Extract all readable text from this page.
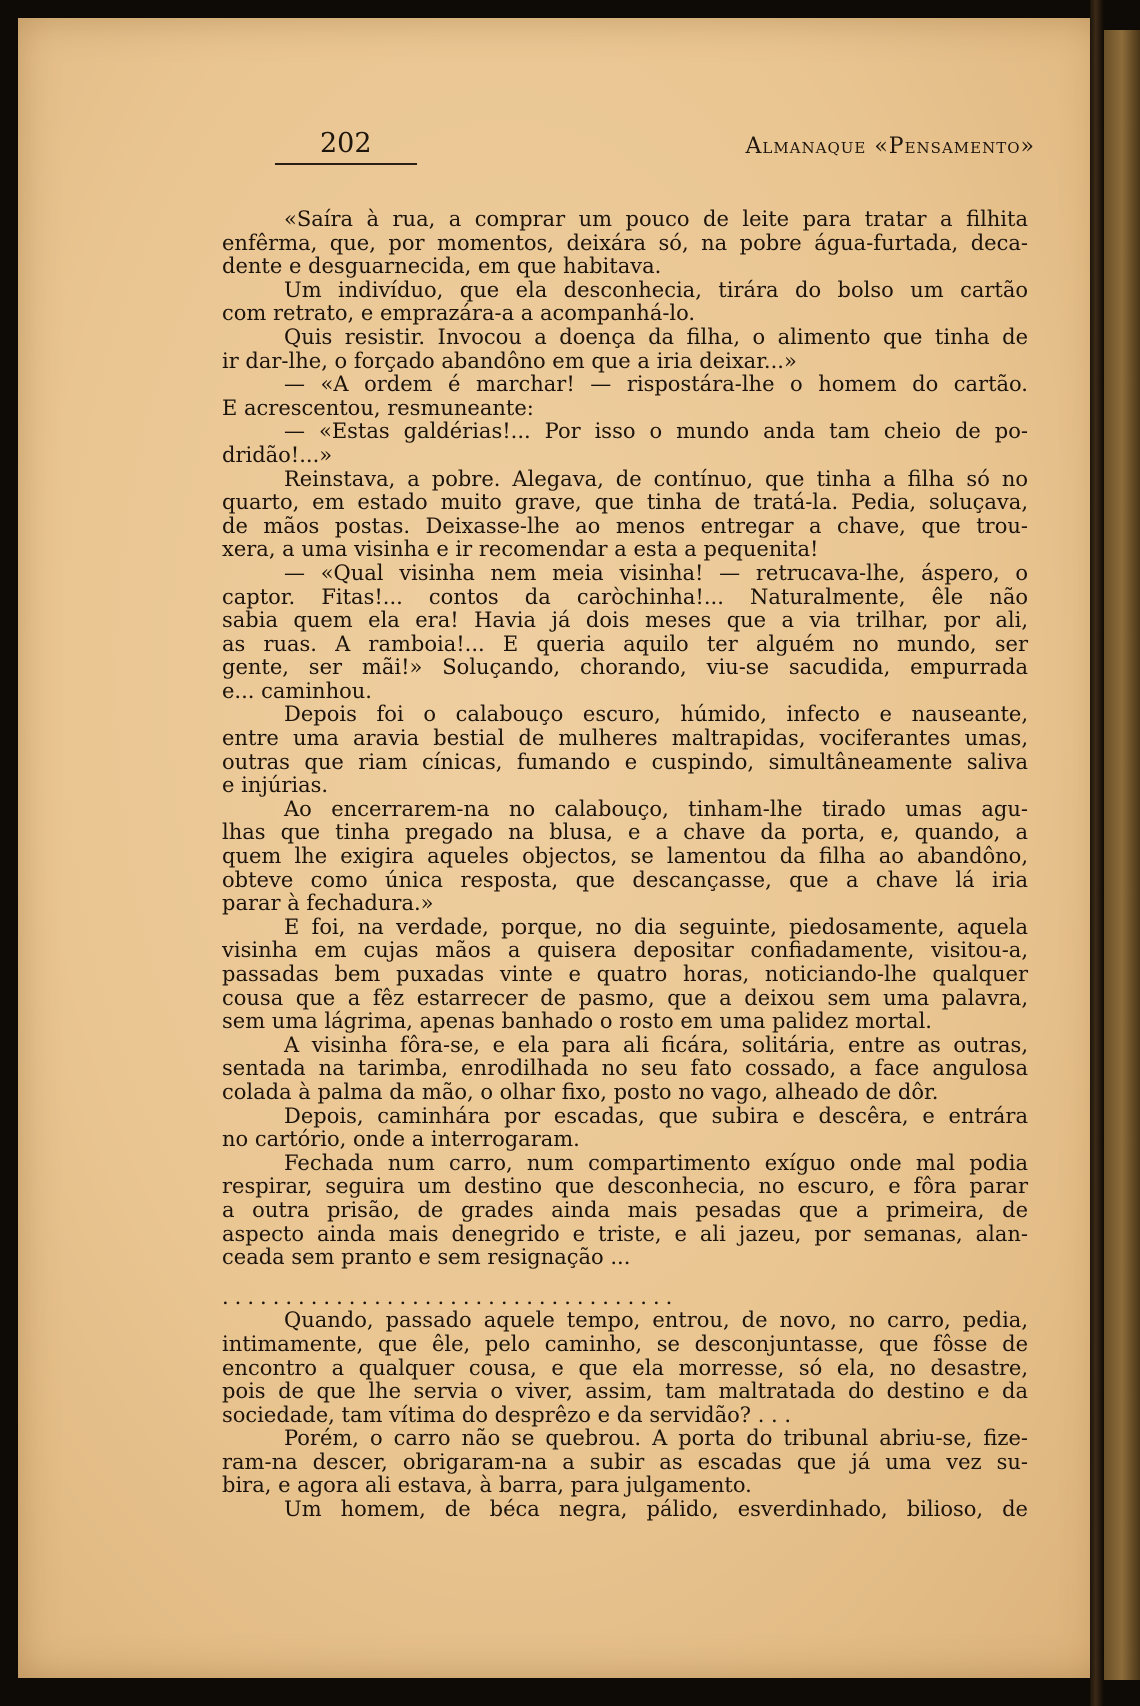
202	Almanaque «Pensamento»
«Saíra à rua, a comprar um pouco de leite para tratar a filhita
enfêrma, que, por momentos, deixára só, na pobre água-furtada, deca-
dente e desguarnecida, em que habitava.
Um indivíduo, que ela desconhecia, tirára do bolso um cartão
com retrato, e emprazára-a a acompanhá-lo.
Quis resistir. Invocou a doença da filha, o alimento que tinha de
ir dar-lhe, o forçado abandôno em que a iria deixar...»
— «A ordem é marchar! — rispostára-lhe o homem do cartão.
E acrescentou, resmuneante:
— «Estas galdérias!... Por isso o mundo anda tam cheio de po-
dridão!...»
Reinstava, a pobre. Alegava, de contínuo, que tinha a filha só no
quarto, em estado muito grave, que tinha de tratá-la. Pedia, soluçava,
de mãos postas. Deixasse-lhe ao menos entregar a chave, que trou-
xera, a uma visinha e ir recomendar a esta a pequenita!
— «Qual visinha nem meia visinha! — retrucava-lhe, áspero, o
captor. Fitas!... contos da caròchinha!... Naturalmente, êle não
sabia quem ela era! Havia já dois meses que a via trilhar, por ali,
as ruas. A ramboia!... E queria aquilo ter alguém no mundo, ser
gente, ser mãi!» Soluçando, chorando, viu-se sacudida, empurrada
e... caminhou.
Depois foi o calabouço escuro, húmido, infecto e nauseante,
entre uma aravia bestial de mulheres maltrapidas, vociferantes umas,
outras que riam cínicas, fumando e cuspindo, simultâneamente saliva
e injúrias.
Ao encerrarem-na no calabouço, tinham-lhe tirado umas agu-
lhas que tinha pregado na blusa, e a chave da porta, e, quando, a
quem lhe exigira aqueles objectos, se lamentou da filha ao abandôno,
obteve como única resposta, que descançasse, que a chave lá iria
parar à fechadura.»
E foi, na verdade, porque, no dia seguinte, piedosamente, aquela
visinha em cujas mãos a quisera depositar confiadamente, visitou-a,
passadas bem puxadas vinte e quatro horas, noticiando-lhe qualquer
cousa que a fêz estarrecer de pasmo, que a deixou sem uma palavra,
sem uma lágrima, apenas banhado o rosto em uma palidez mortal.
A visinha fôra-se, e ela para ali ficára, solitária, entre as outras,
sentada na tarimba, enrodilhada no seu fato cossado, a face angulosa
colada à palma da mão, o olhar fixo, posto no vago, alheado de dôr.
Depois, caminhára por escadas, que subira e descêra, e entrára
no cartório, onde a interrogaram.
Fechada num carro, num compartimento exíguo onde mal podia
respirar, seguira um destino que desconhecia, no escuro, e fôra parar
a outra prisão, de grades ainda mais pesadas que a primeira, de
aspecto ainda mais denegrido e triste, e ali jazeu, por semanas, alan-
ceada sem pranto e sem resignação ...
....................................
Quando, passado aquele tempo, entrou, de novo, no carro, pedia,
intimamente, que êle, pelo caminho, se desconjuntasse, que fôsse de
encontro a qualquer cousa, e que ela morresse, só ela, no desastre,
pois de que lhe servia o viver, assim, tam maltratada do destino e da
sociedade, tam vítima do desprêzo e da servidão? . . .
Porém, o carro não se quebrou. A porta do tribunal abriu-se, fize-
ram-na descer, obrigaram-na a subir as escadas que já uma vez su-
bira, e agora ali estava, à barra, para julgamento.
Um homem, de béca negra, pálido, esverdinhado, bilioso, de
